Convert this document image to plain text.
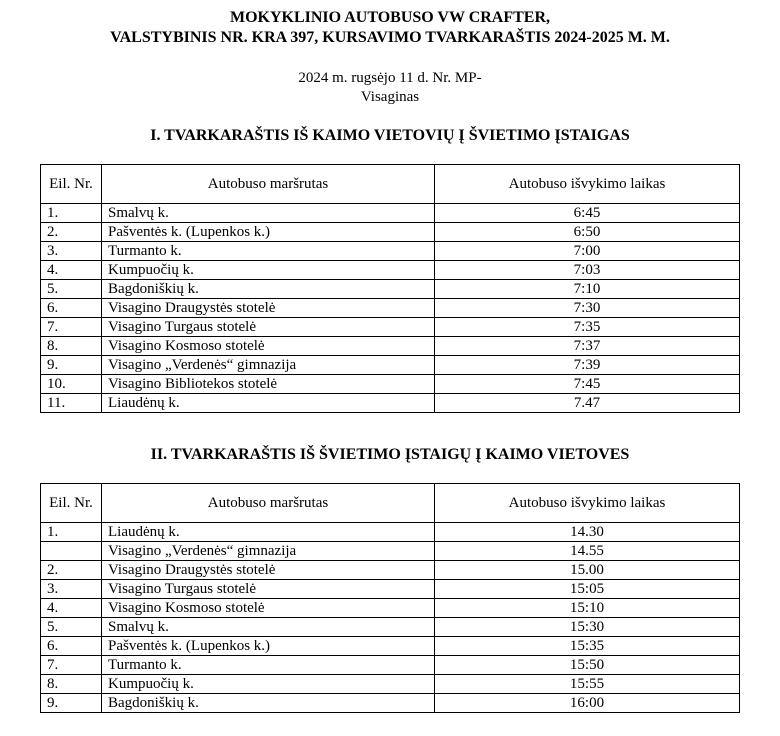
MOKYKLINIO AUTOBUSO VW CRAFTER,
VALSTYBINIS NR. KRA 397, KURSAVIMO TVARKARAŠTIS 2024-2025 M. M.
2024 m. rugsėjo 11 d. Nr. MP-
Visaginas
I. TVARKARAŠTIS IŠ KAIMO VIETOVIŲ Į ŠVIETIMO ĮSTAIGAS
Eil. Nr.	Autobuso maršrutas	Autobuso išvykimo laikas
1.	Smalvų k.	6:45
2.	Pašventės k. (Lupenkos k.)	6:50
3.	Turmanto k.	7:00
4.	Kumpuočių k.	7:03
5.	Bagdoniškių k.	7:10
6.	Visagino Draugystės stotelė	7:30
7.	Visagino Turgaus stotelė	7:35
8.	Visagino Kosmoso stotelė	7:37
9.	Visagino „Verdenės“ gimnazija	7:39
10.	Visagino Bibliotekos stotelė	7:45
11.	Liaudėnų k.	7.47
II. TVARKARAŠTIS IŠ ŠVIETIMO ĮSTAIGŲ Į KAIMO VIETOVES
Eil. Nr.	Autobuso maršrutas	Autobuso išvykimo laikas
1.	Liaudėnų k.	14.30
	Visagino „Verdenės“ gimnazija	14.55
2.	Visagino Draugystės stotelė	15.00
3.	Visagino Turgaus stotelė	15:05
4.	Visagino Kosmoso stotelė	15:10
5.	Smalvų k.	15:30
6.	Pašventės k. (Lupenkos k.)	15:35
7.	Turmanto k.	15:50
8.	Kumpuočių k.	15:55
9.	Bagdoniškių k.	16:00
